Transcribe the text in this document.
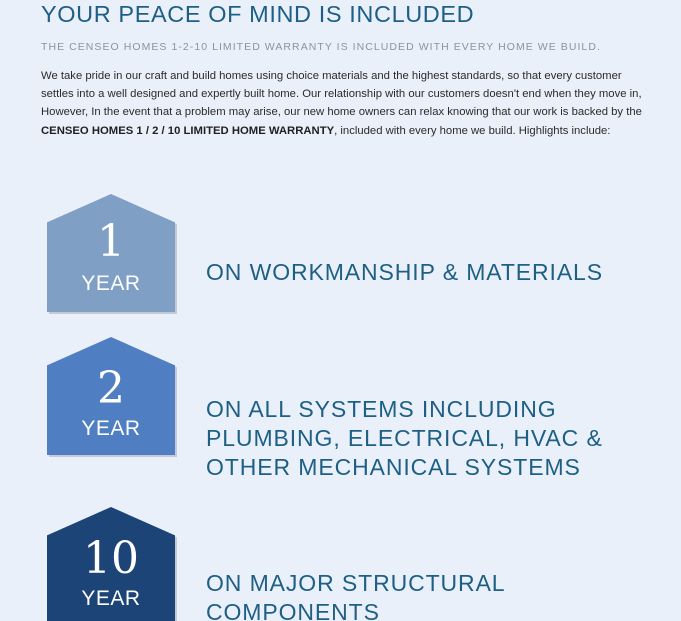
YOUR PEACE OF MIND IS INCLUDED

THE CENSEO HOMES 1-2-10 LIMITED WARRANTY IS INCLUDED WITH EVERY HOME WE BUILD.

We take pride in our craft and build homes using choice materials and the highest standards, so that every customer
settles into a well designed and expertly built home. Our relationship with our customers doesn't end when they move in,
However, In the event that a problem may arise, our new home owners can relax knowing that our work is backed by the
CENSEO HOMES 1 / 2 / 10 LIMITED HOME WARRANTY, included with every home we build. Highlights include:

1
YEAR	ON WORKMANSHIP & MATERIALS
2
YEAR
ON ALL SYSTEMS INCLUDING
PLUMBING, ELECTRICAL, HVAC &
OTHER MECHANICAL SYSTEMS
10
YEAR
ON MAJOR STRUCTURAL
COMPONENTS
